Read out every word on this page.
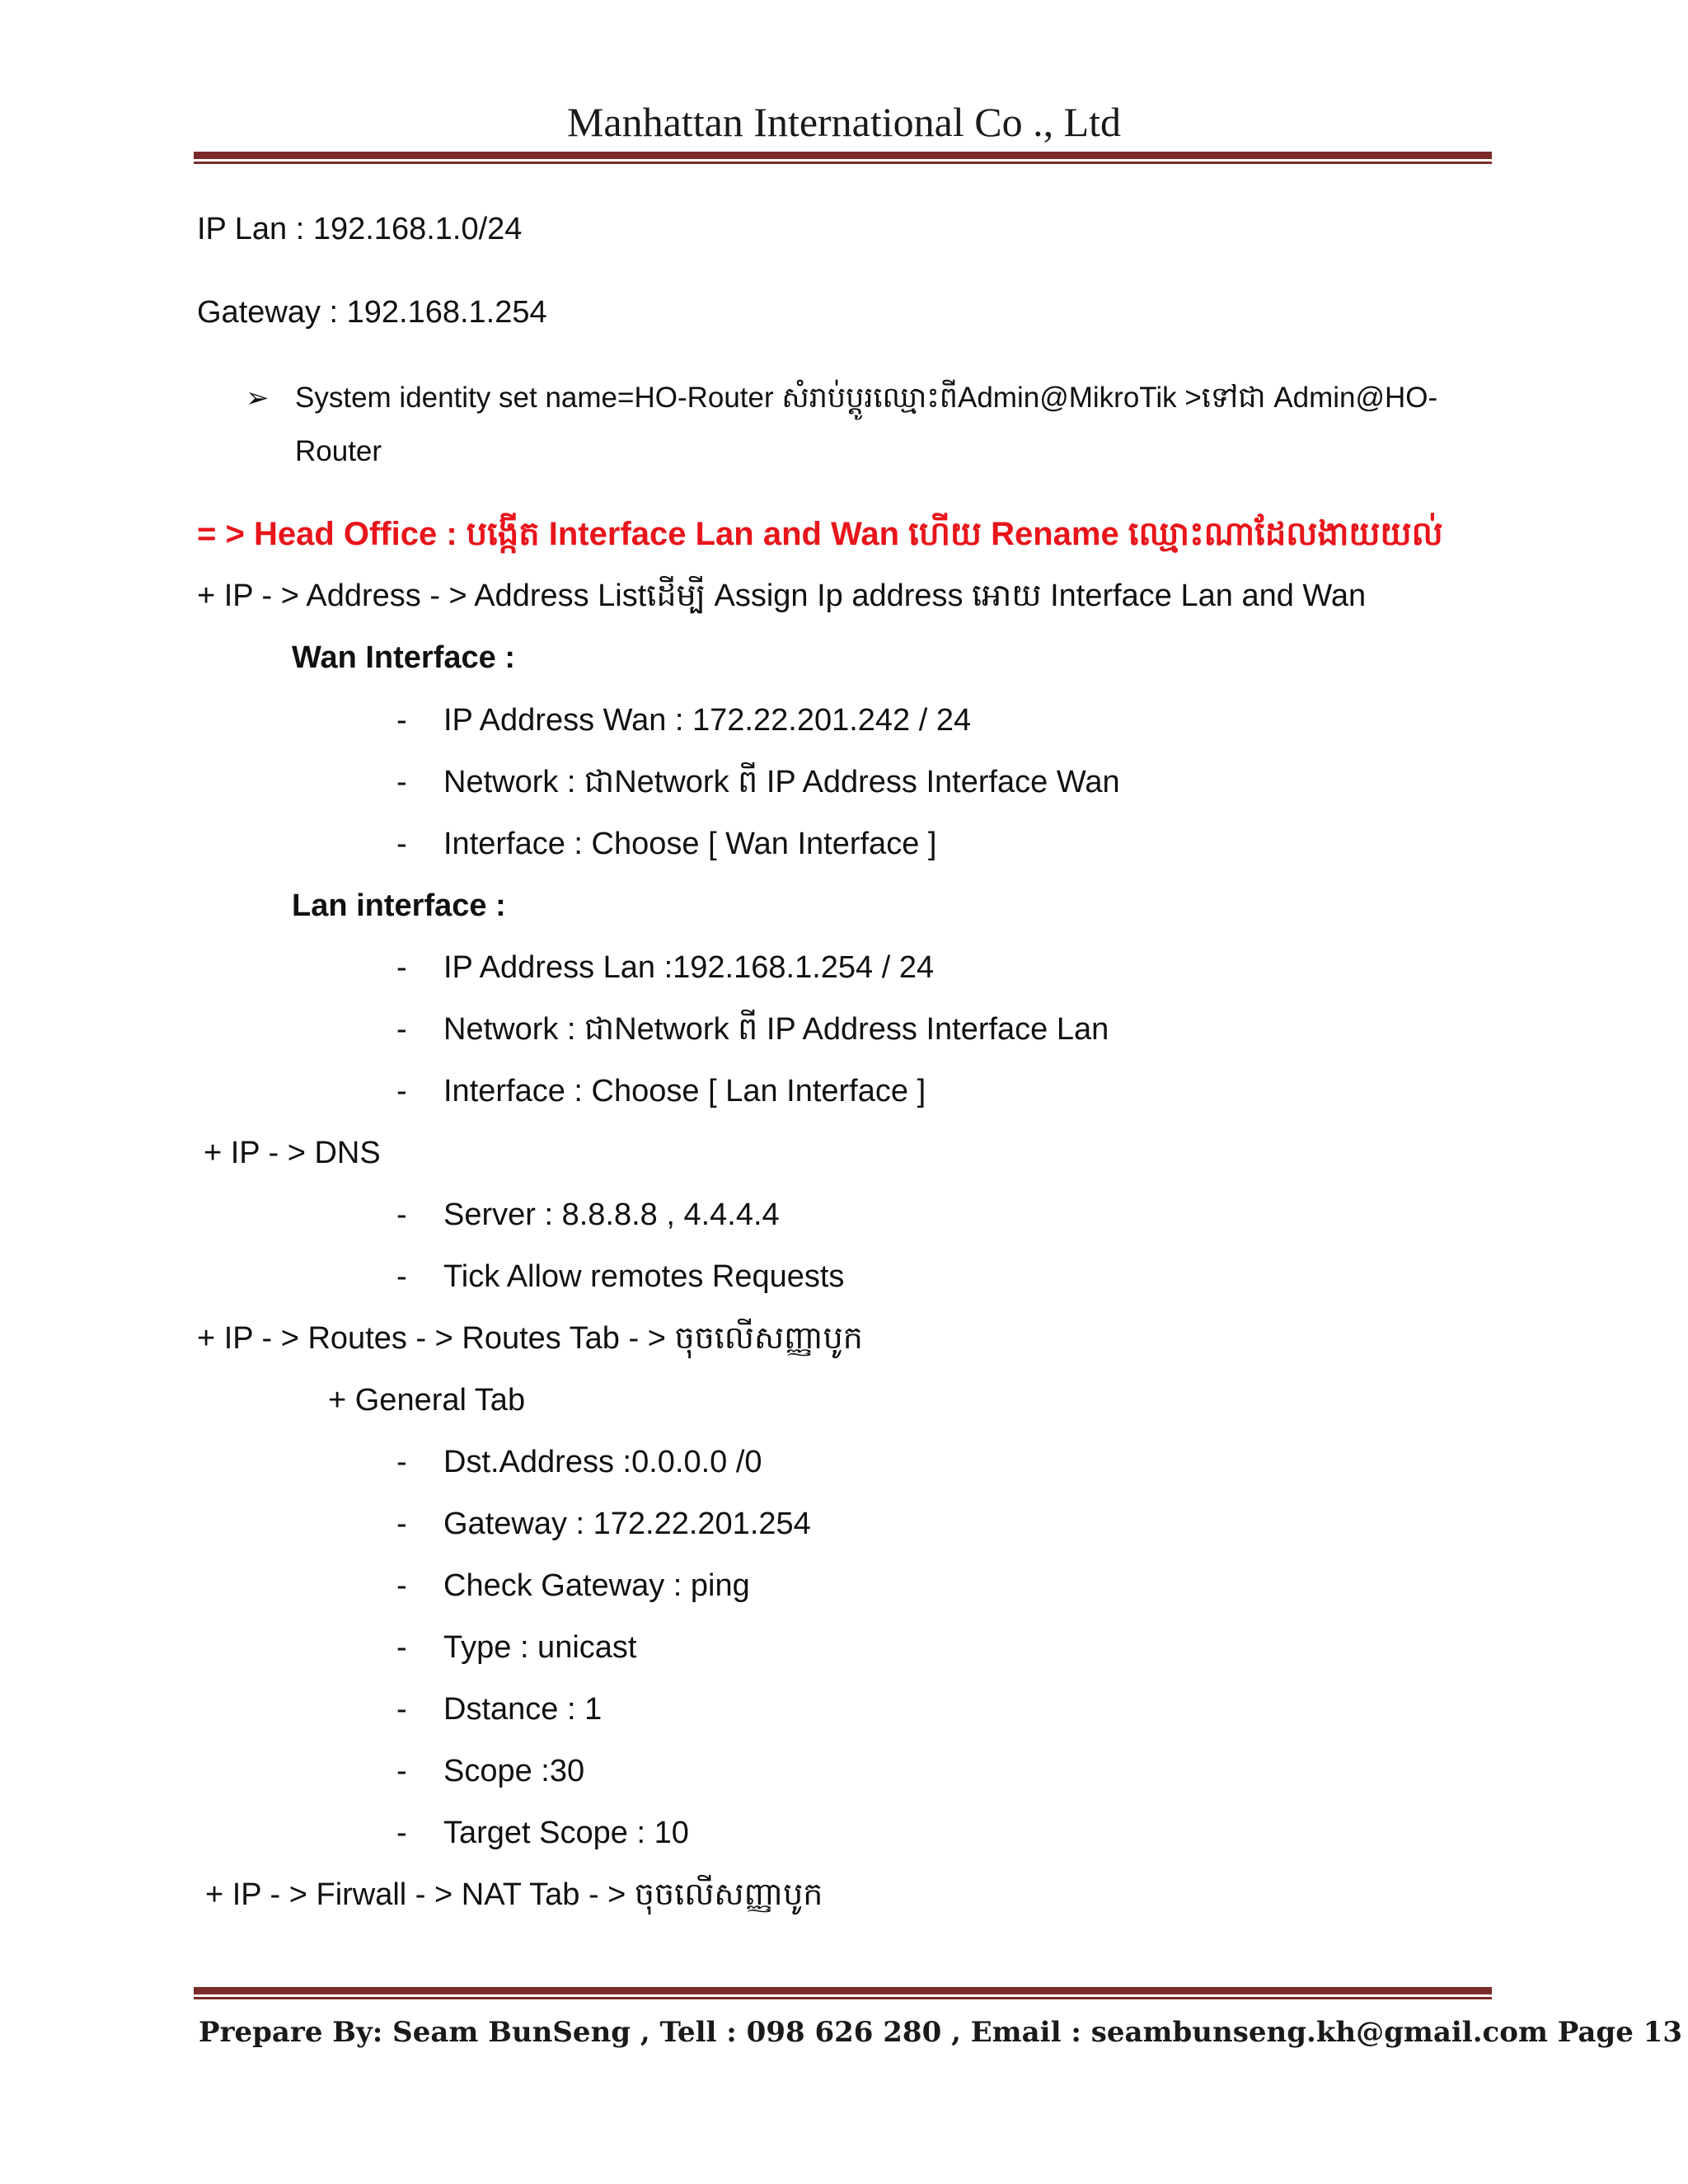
Manhattan International Co ., Ltd
IP Lan : 192.168.1.0/24
Gateway : 192.168.1.254
➢ System identity set name=HO-Router សំរាប់ប្តូរឈ្មោះពីAdmin@MikroTik >ទៅជា Admin@HO-
Router
= > Head Office : បង្កើត Interface Lan and Wan ហើយ Rename ឈ្មោះណាដែលងាយយល់
+ IP - > Address - > Address Listដើម្បី Assign Ip address អោយ Interface Lan and Wan
Wan Interface :
- IP Address Wan : 172.22.201.242 / 24
- Network : ជាNetwork ពី IP Address Interface Wan
- Interface : Choose [ Wan Interface ]
Lan interface :
- IP Address Lan :192.168.1.254 / 24
- Network : ជាNetwork ពី IP Address Interface Lan
- Interface : Choose [ Lan Interface ]
+ IP - > DNS
- Server : 8.8.8.8 , 4.4.4.4
- Tick Allow remotes Requests
+ IP - > Routes - > Routes Tab - > ចុចលើសញ្ញាបូក
+ General Tab
- Dst.Address :0.0.0.0 /0
- Gateway : 172.22.201.254
- Check Gateway : ping
- Type : unicast
- Dstance : 1
- Scope :30
- Target Scope : 10
+ IP - > Firwall - > NAT Tab - > ចុចលើសញ្ញាបូក
Prepare By: Seam BunSeng , Tell : 098 626 280 , Email : seambunseng.kh@gmail.com Page 13
